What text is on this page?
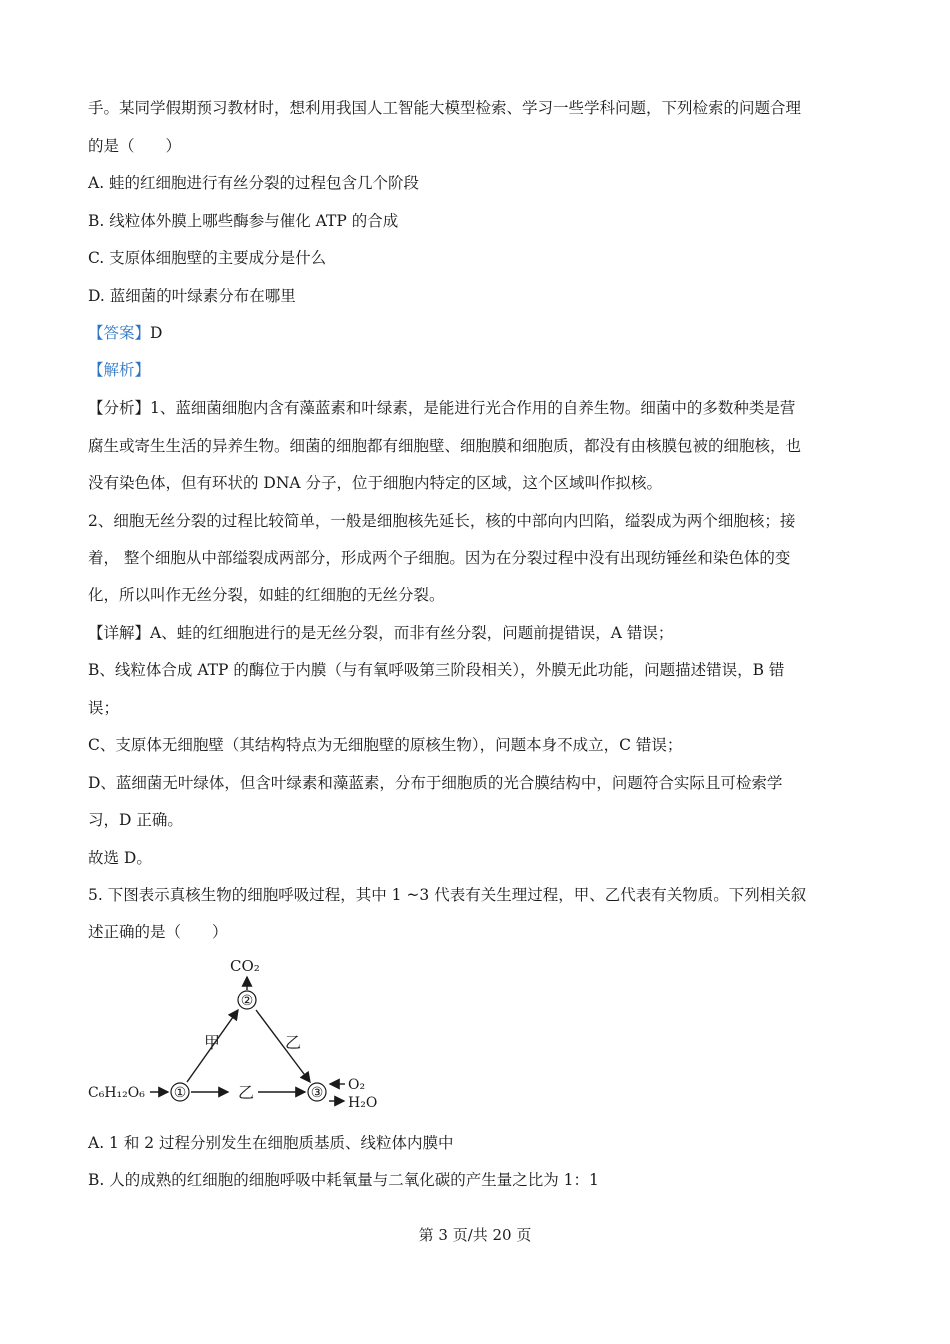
手。某同学假期预习教材时，想利用我国人工智能大模型检索、学习一些学科问题，下列检索的问题合理
的是（　　）
A. 蛙的红细胞进行有丝分裂的过程包含几个阶段
B. 线粒体外膜上哪些酶参与催化 ATP 的合成
C. 支原体细胞壁的主要成分是什么
D. 蓝细菌的叶绿素分布在哪里
【答案】D
【解析】
【分析】1、蓝细菌细胞内含有藻蓝素和叶绿素，是能进行光合作用的自养生物。细菌中的多数种类是营
腐生或寄生生活的异养生物。细菌的细胞都有细胞壁、细胞膜和细胞质，都没有由核膜包被的细胞核，也
没有染色体，但有环状的 DNA 分子，位于细胞内特定的区域，这个区域叫作拟核。
2、细胞无丝分裂的过程比较简单，一般是细胞核先延长，核的中部向内凹陷，缢裂成为两个细胞核；接
着， 整个细胞从中部缢裂成两部分，形成两个子细胞。因为在分裂过程中没有出现纺锤丝和染色体的变
化，所以叫作无丝分裂，如蛙的红细胞的无丝分裂。
【详解】A、蛙的红细胞进行的是无丝分裂，而非有丝分裂，问题前提错误，A 错误；
B、线粒体合成 ATP 的酶位于内膜（与有氧呼吸第三阶段相关），外膜无此功能，问题描述错误，B 错
误；
C、支原体无细胞壁（其结构特点为无细胞壁的原核生物），问题本身不成立，C 错误；
D、蓝细菌无叶绿体，但含叶绿素和藻蓝素，分布于细胞质的光合膜结构中，问题符合实际且可检索学
习，D 正确。
故选 D。
5. 下图表示真核生物的细胞呼吸过程，其中 1 ~3 代表有关生理过程，甲、乙代表有关物质。下列相关叙
述正确的是（　　）
CO₂
②
甲	乙
C₆H₁₂O₆ ①	乙	③ O₂
H₂O
A. 1 和 2 过程分别发生在细胞质基质、线粒体内膜中
B. 人的成熟的红细胞的细胞呼吸中耗氧量与二氧化碳的产生量之比为 1：1
第 3 页/共 20 页
